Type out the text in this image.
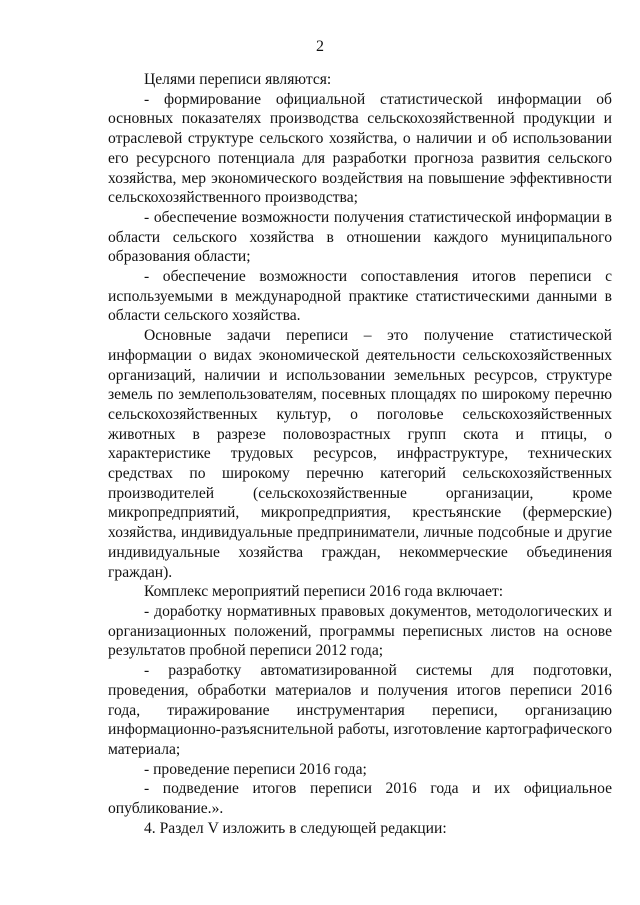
2

Целями переписи являются:

- формирование официальной статистической информации об основных показателях производства сельскохозяйственной продукции и отраслевой структуре сельского хозяйства, о наличии и об использовании его ресурсного потенциала для разработки прогноза развития сельского хозяйства, мер экономического воздействия на повышение эффективности сельскохозяйственного производства;

- обеспечение возможности получения статистической информации в области сельского хозяйства в отношении каждого муниципального образования области;

- обеспечение возможности сопоставления итогов переписи с используемыми в международной практике статистическими данными в области сельского хозяйства.

Основные задачи переписи – это получение статистической информации о видах экономической деятельности сельскохозяйственных организаций, наличии и использовании земельных ресурсов, структуре земель по землепользователям, посевных площадях по широкому перечню сельскохозяйственных культур, о поголовье сельскохозяйственных животных в разрезе половозрастных групп скота и птицы, о характеристике трудовых ресурсов, инфраструктуре, технических средствах по широкому перечню категорий сельскохозяйственных производителей (сельскохозяйственные организации, кроме микропредприятий, микропредприятия, крестьянские (фермерские) хозяйства, индивидуальные предприниматели, личные подсобные и другие индивидуальные хозяйства граждан, некоммерческие объединения граждан).

Комплекс мероприятий переписи 2016 года включает:

- доработку нормативных правовых документов, методологических и организационных положений, программы переписных листов на основе результатов пробной переписи 2012 года;

- разработку автоматизированной системы для подготовки, проведения, обработки материалов и получения итогов переписи 2016 года, тиражирование инструментария переписи, организацию информационно-разъяснительной работы, изготовление картографического материала;

- проведение переписи 2016 года;

- подведение итогов переписи 2016 года и их официальное опубликование.».

4. Раздел V изложить в следующей редакции:
